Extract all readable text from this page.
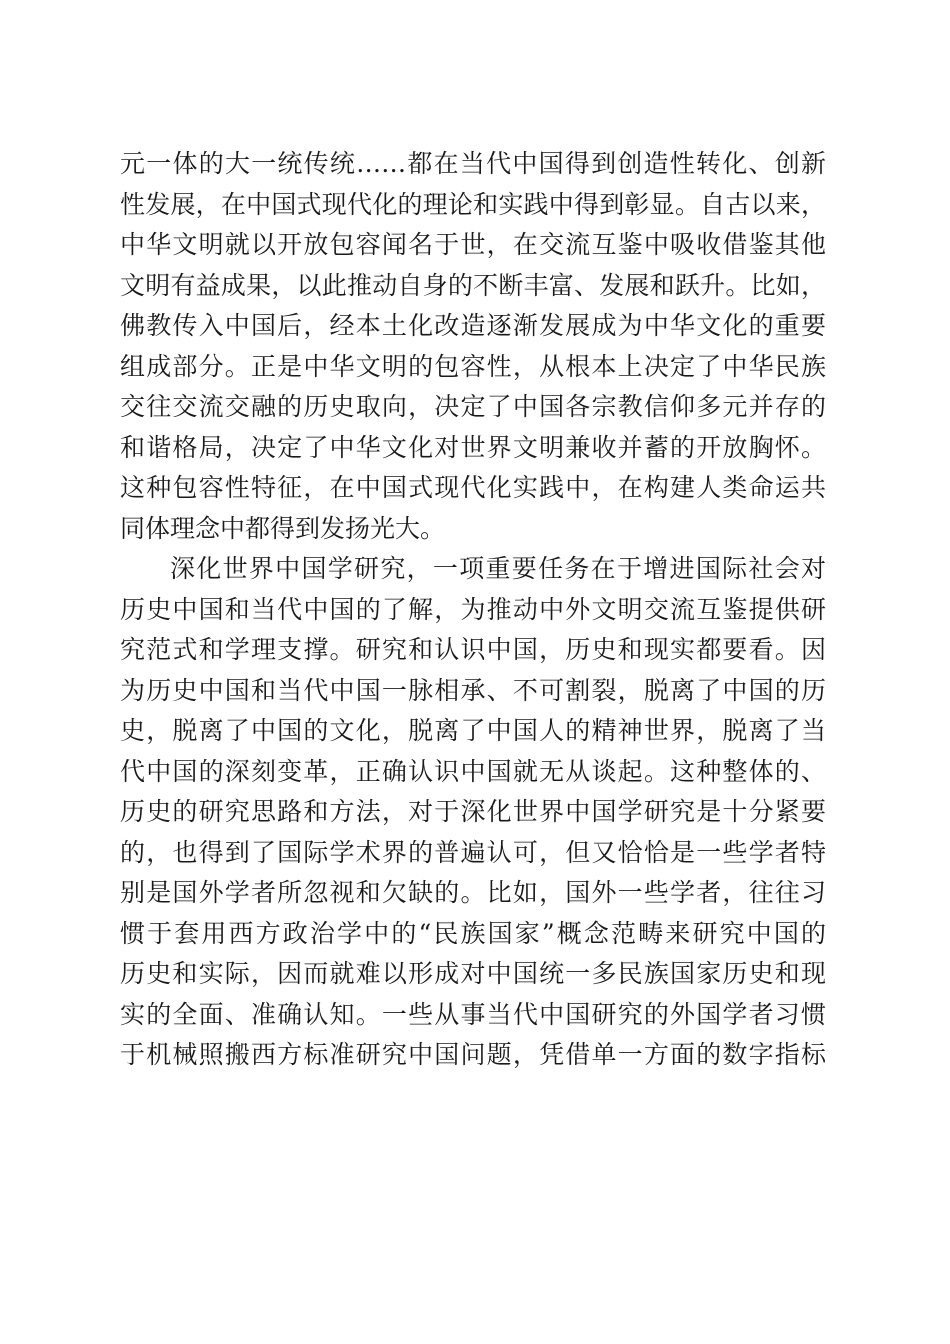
元一体的大一统传统……都在当代中国得到创造性转化、创新
性发展，在中国式现代化的理论和实践中得到彰显。自古以来，
中华文明就以开放包容闻名于世，在交流互鉴中吸收借鉴其他
文明有益成果，以此推动自身的不断丰富、发展和跃升。比如，
佛教传入中国后，经本土化改造逐渐发展成为中华文化的重要
组成部分。正是中华文明的包容性，从根本上决定了中华民族
交往交流交融的历史取向，决定了中国各宗教信仰多元并存的
和谐格局，决定了中华文化对世界文明兼收并蓄的开放胸怀。
这种包容性特征，在中国式现代化实践中，在构建人类命运共
同体理念中都得到发扬光大。
深化世界中国学研究，一项重要任务在于增进国际社会对
历史中国和当代中国的了解，为推动中外文明交流互鉴提供研
究范式和学理支撑。研究和认识中国，历史和现实都要看。因
为历史中国和当代中国一脉相承、不可割裂，脱离了中国的历
史，脱离了中国的文化，脱离了中国人的精神世界，脱离了当
代中国的深刻变革，正确认识中国就无从谈起。这种整体的、
历史的研究思路和方法，对于深化世界中国学研究是十分紧要
的，也得到了国际学术界的普遍认可，但又恰恰是一些学者特
别是国外学者所忽视和欠缺的。比如，国外一些学者，往往习
惯于套用西方政治学中的“民族国家”概念范畴来研究中国的
历史和实际，因而就难以形成对中国统一多民族国家历史和现
实的全面、准确认知。一些从事当代中国研究的外国学者习惯
于机械照搬西方标准研究中国问题，凭借单一方面的数字指标
